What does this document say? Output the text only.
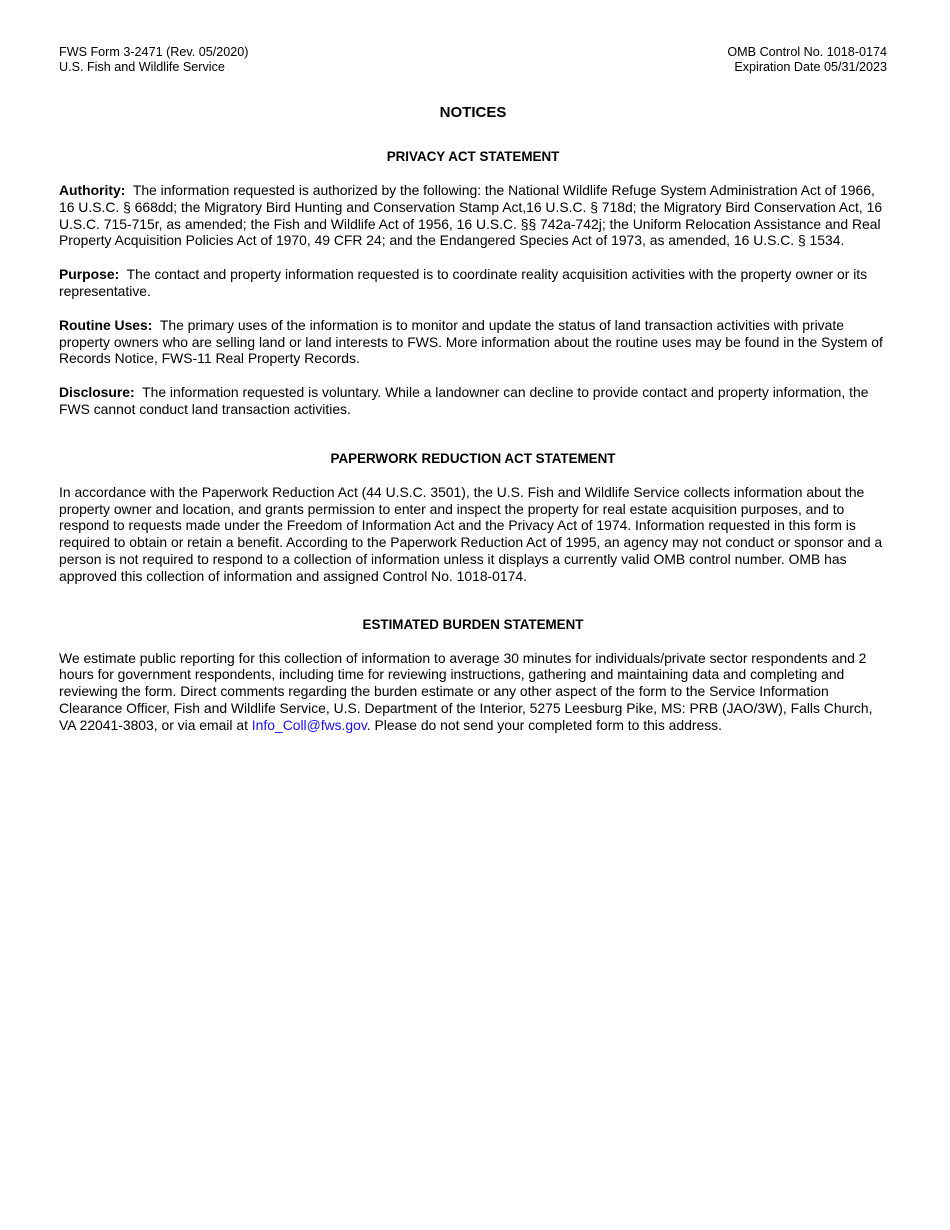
FWS Form 3-2471 (Rev. 05/2020)
U.S. Fish and Wildlife Service
OMB Control No. 1018-0174
Expiration Date 05/31/2023
NOTICES
PRIVACY ACT STATEMENT

Authority: The information requested is authorized by the following: the National Wildlife Refuge System Administration Act of 1966, 16 U.S.C. § 668dd; the Migratory Bird Hunting and Conservation Stamp Act,16 U.S.C. § 718d; the Migratory Bird Conservation Act, 16 U.S.C. 715-715r, as amended; the Fish and Wildlife Act of 1956, 16 U.S.C. §§ 742a-742j; the Uniform Relocation Assistance and Real Property Acquisition Policies Act of 1970, 49 CFR 24; and the Endangered Species Act of 1973, as amended, 16 U.S.C. § 1534.

Purpose: The contact and property information requested is to coordinate reality acquisition activities with the property owner or its representative.

Routine Uses: The primary uses of the information is to monitor and update the status of land transaction activities with private property owners who are selling land or land interests to FWS. More information about the routine uses may be found in the System of Records Notice, FWS-11 Real Property Records.

Disclosure: The information requested is voluntary. While a landowner can decline to provide contact and property information, the FWS cannot conduct land transaction activities.

PAPERWORK REDUCTION ACT STATEMENT

In accordance with the Paperwork Reduction Act (44 U.S.C. 3501), the U.S. Fish and Wildlife Service collects information about the property owner and location, and grants permission to enter and inspect the property for real estate acquisition purposes, and to respond to requests made under the Freedom of Information Act and the Privacy Act of 1974. Information requested in this form is required to obtain or retain a benefit. According to the Paperwork Reduction Act of 1995, an agency may not conduct or sponsor and a person is not required to respond to a collection of information unless it displays a currently valid OMB control number. OMB has approved this collection of information and assigned Control No. 1018-0174.

ESTIMATED BURDEN STATEMENT

We estimate public reporting for this collection of information to average 30 minutes for individuals/private sector respondents and 2 hours for government respondents, including time for reviewing instructions, gathering and maintaining data and completing and reviewing the form. Direct comments regarding the burden estimate or any other aspect of the form to the Service Information Clearance Officer, Fish and Wildlife Service, U.S. Department of the Interior, 5275 Leesburg Pike, MS: PRB (JAO/3W), Falls Church, VA 22041-3803, or via email at Info_Coll@fws.gov. Please do not send your completed form to this address.
